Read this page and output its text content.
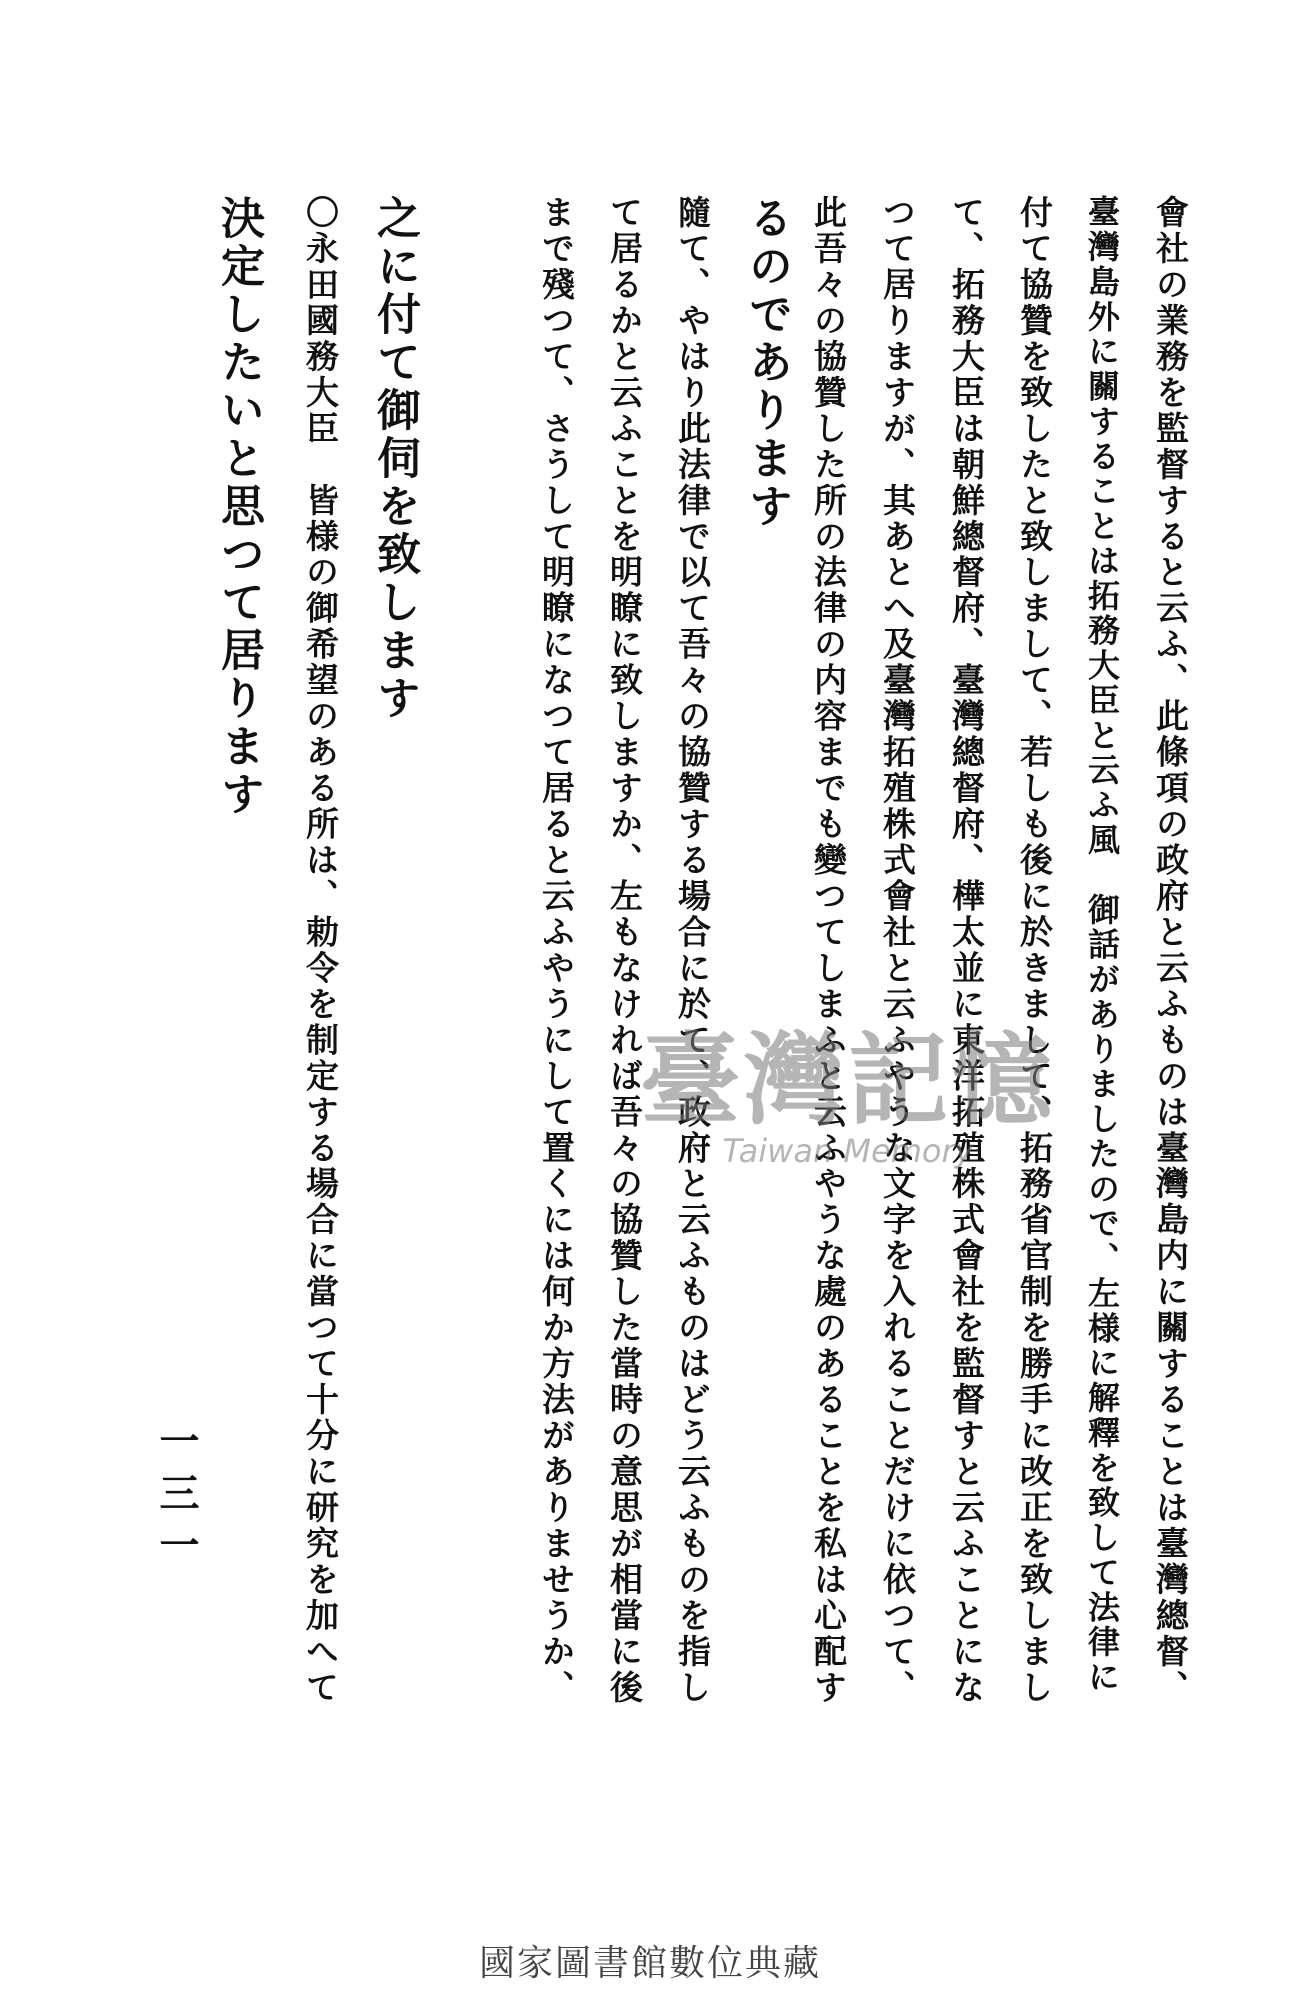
會社の業務を監督すると云ふ、此條項の政府と云ふものは臺灣島内に關することは臺灣總督、
臺灣島外に關することは拓務大臣と云ふ風　御話がありましたので、左様に解釋を致して法律に
付て協贊を致したと致しまして、若しも後に於きまして、拓務省官制を勝手に改正を致しまし
て、拓務大臣は朝鮮總督府、臺灣總督府、樺太並に東洋拓殖株式會社を監督すと云ふことにな
つて居りますが、其あとへ及臺灣拓殖株式會社と云ふやうな文字を入れることだけに依つて、
此吾々の協贊した所の法律の内容までも變つてしまふと云ふやうな處のあることを私は心配す
るのであります
隨て、やはり此法律で以て吾々の協贊する場合に於て、政府と云ふものはどう云ふものを指し
て居るかと云ふことを明瞭に致しますか、左もなければ吾々の協贊した當時の意思が相當に後
まで殘つて、さうして明瞭になつて居ると云ふやうにして置くには何か方法がありませうか、
之に付て御伺を致します
〇永田國務大臣　皆様の御希望のある所は、勅令を制定する場合に當つて十分に研究を加へて
決定したいと思つて居ります
一三一
臺灣記憶
Taiwan Memory
國家圖書館數位典藏
